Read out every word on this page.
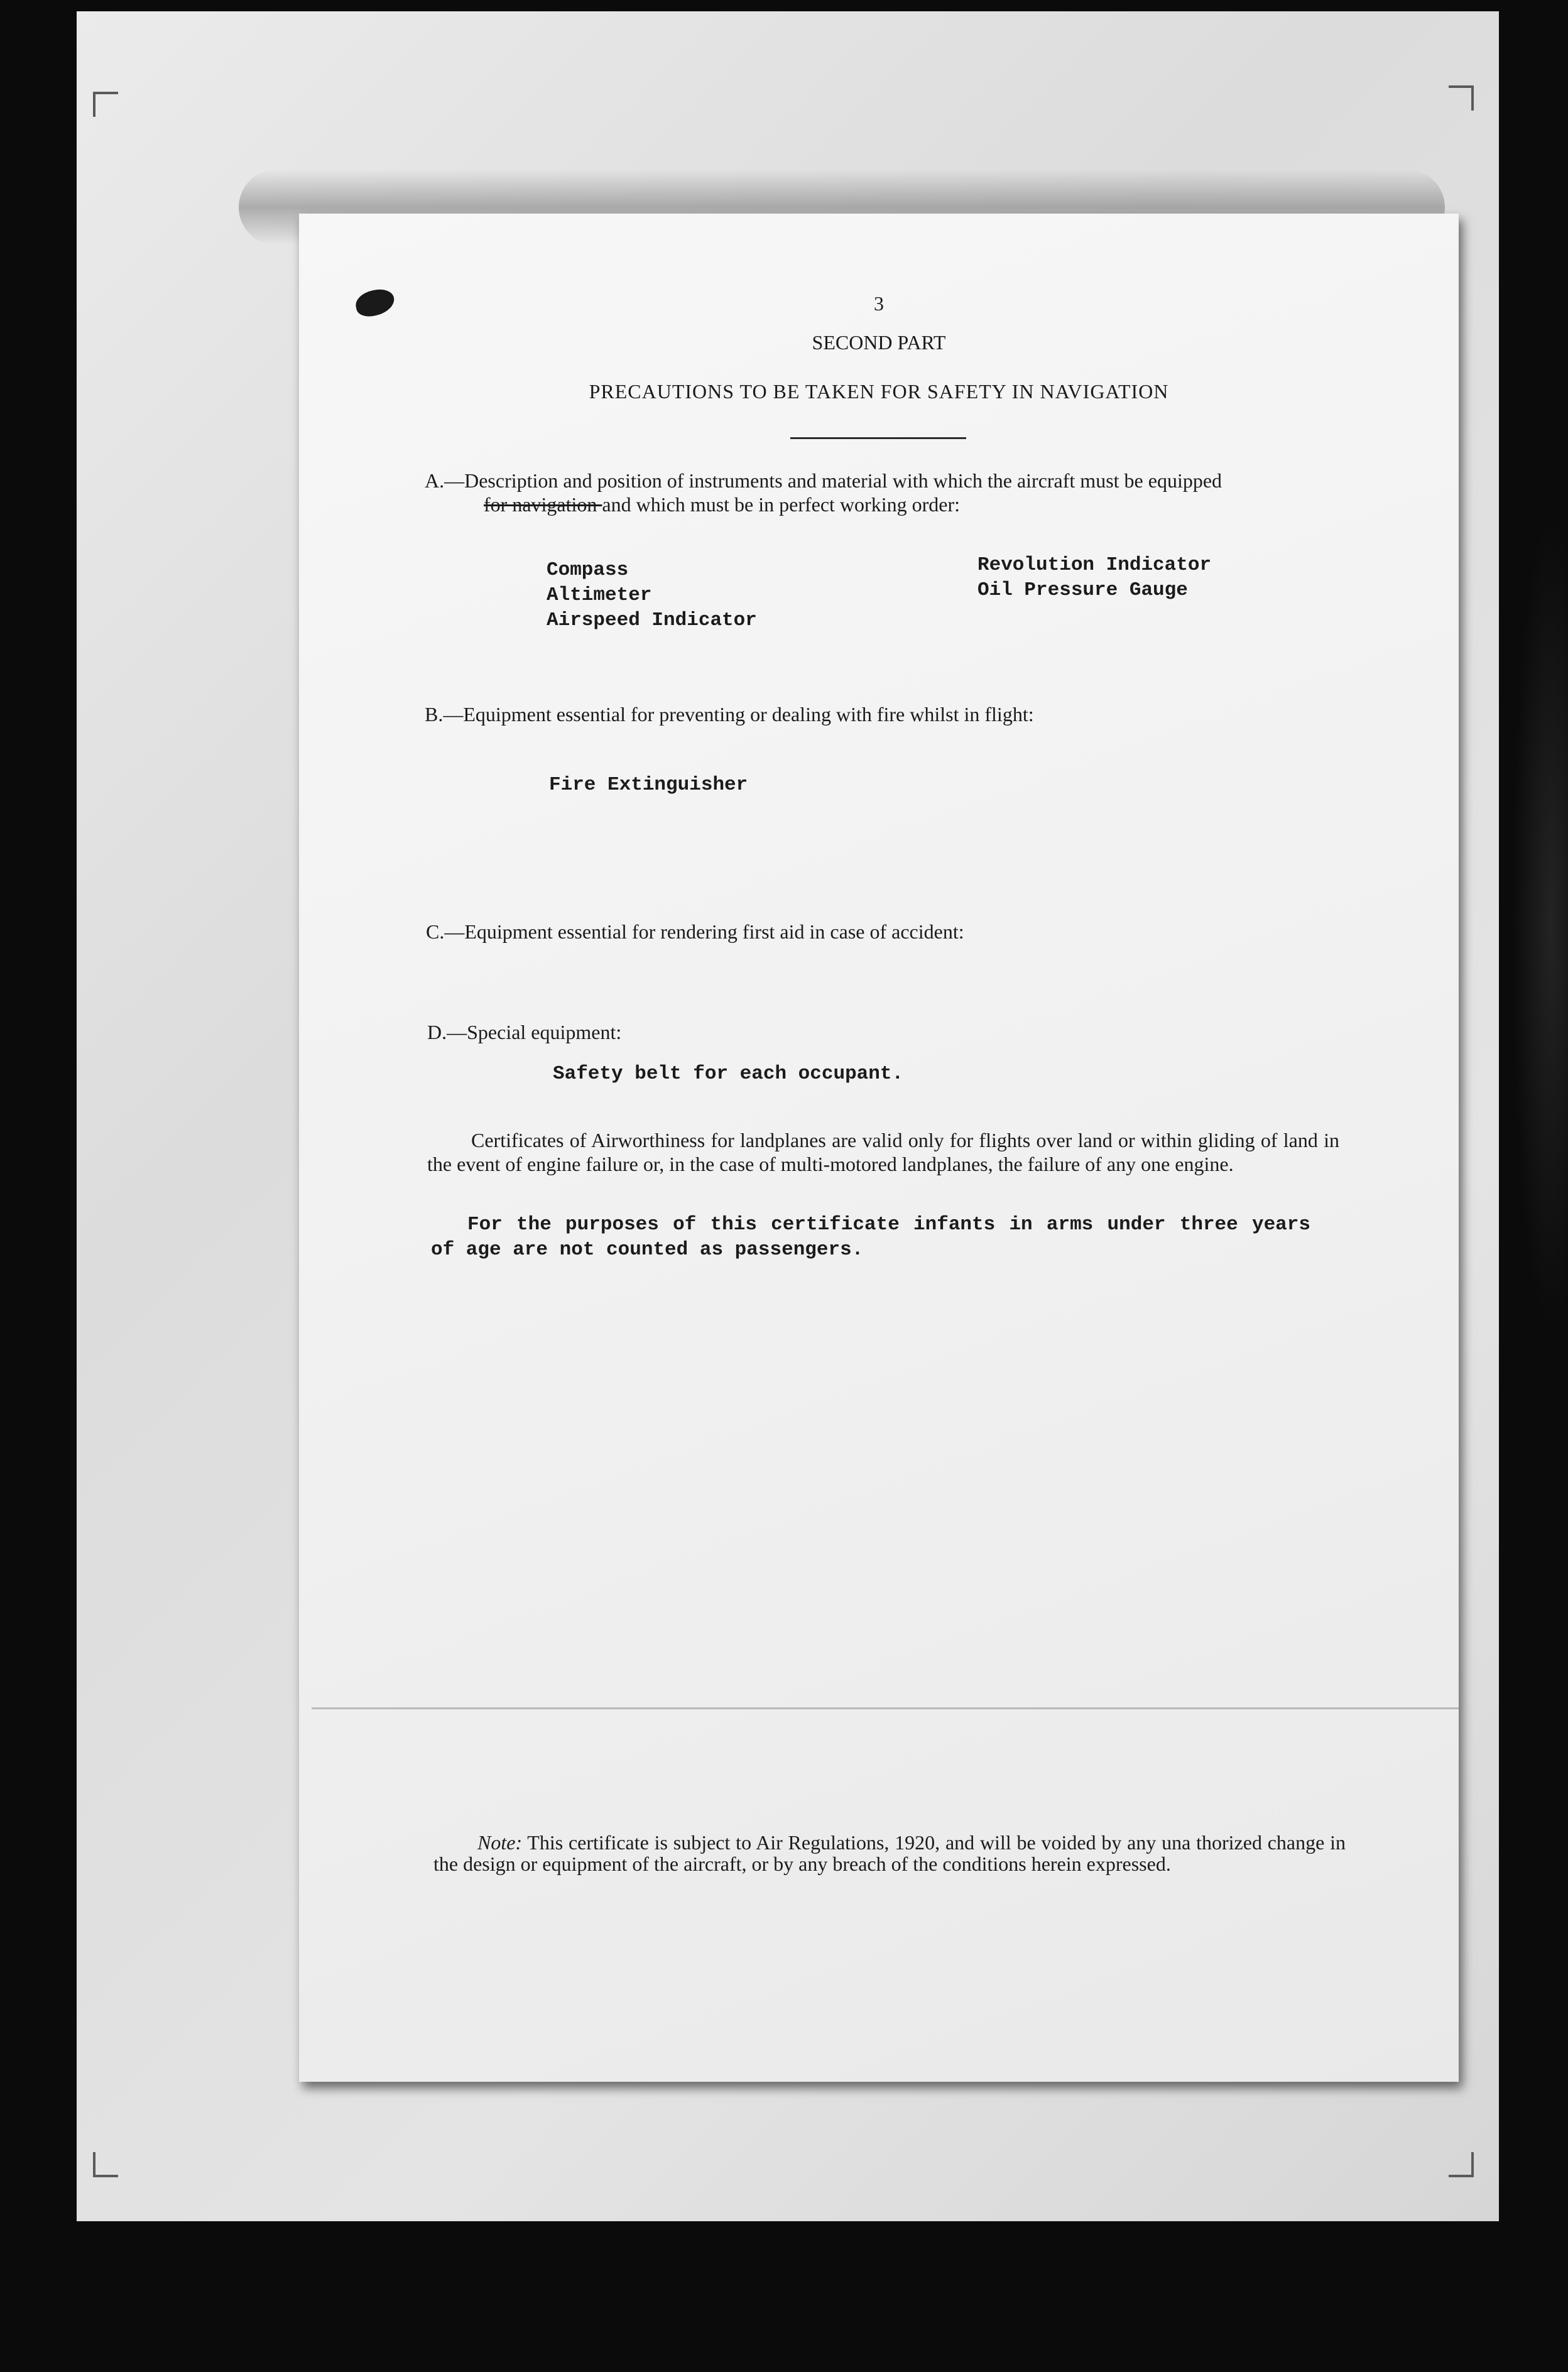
3
SECOND PART
PRECAUTIONS TO BE TAKEN FOR SAFETY IN NAVIGATION
A.—Description and position of instruments and material with which the aircraft must be equipped
for navigation and which must be in perfect working order:
Compass
Altimeter
Airspeed Indicator
Revolution Indicator
Oil Pressure Gauge
B.—Equipment essential for preventing or dealing with fire whilst in flight:
Fire Extinguisher
C.—Equipment essential for rendering first aid in case of accident:
D.—Special equipment:
Safety belt for each occupant.
Certificates of Airworthiness for landplanes are valid only for flights over land or within gliding of land in the event of engine failure or, in the case of multi-motored landplanes, the failure of any one engine.
For the purposes of this certificate infants in arms under three years of age are not counted as passengers.
Note: This certificate is subject to Air Regulations, 1920, and will be voided by any una thorized change in the design or equipment of the aircraft, or by any breach of the conditions herein expressed.
